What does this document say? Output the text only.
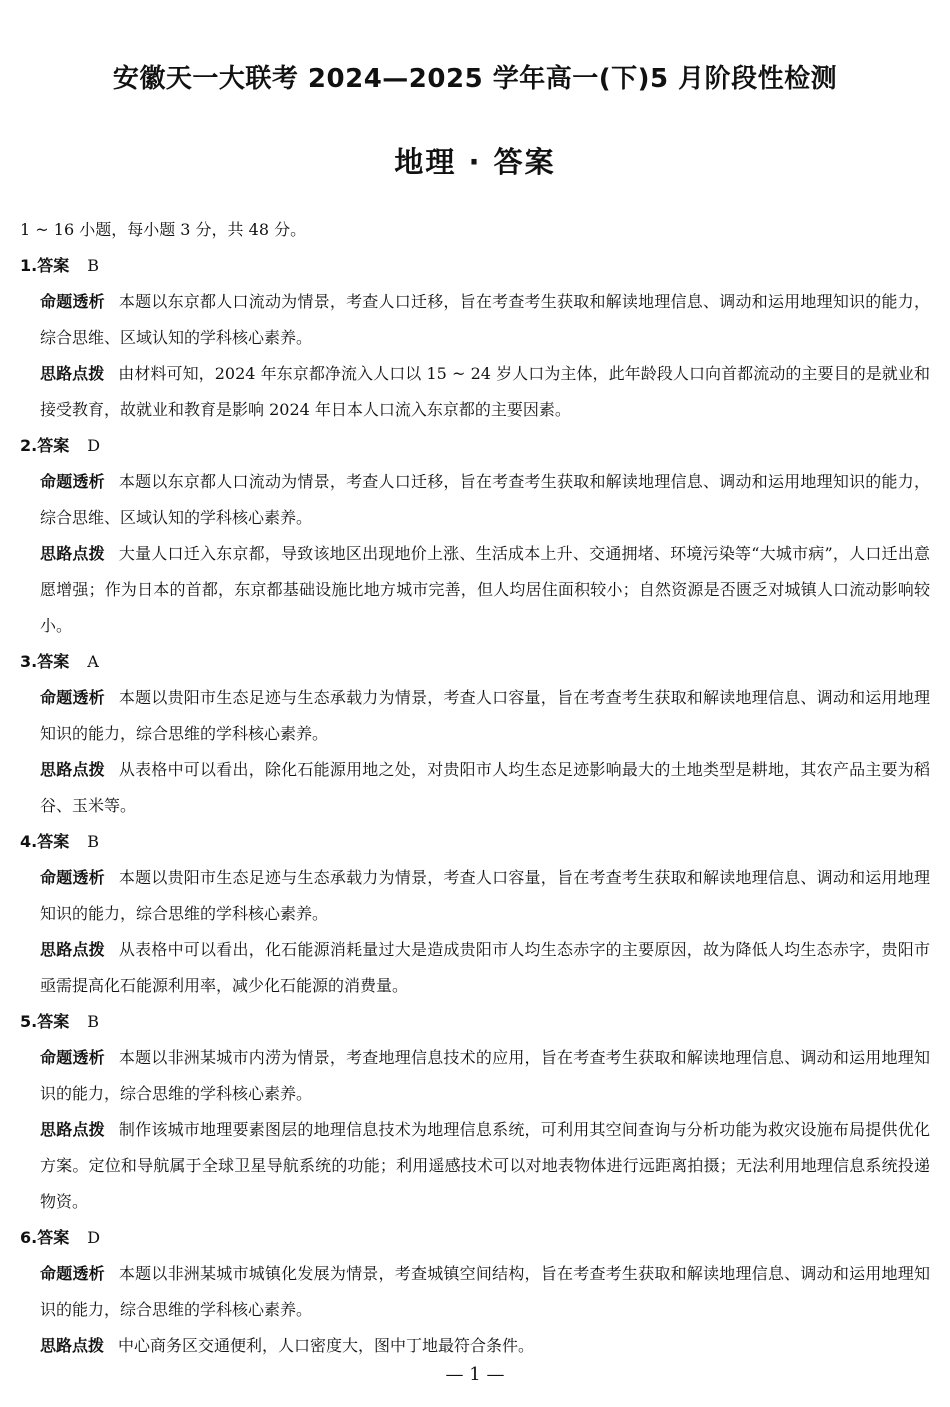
安徽天一大联考 2024—2025 学年高一(下)5 月阶段性检测
地理 · 答案

1 ~ 16 小题，每小题 3 分，共 48 分。

1.答案 B

命题透析 本题以东京都人口流动为情景，考查人口迁移，旨在考查考生获取和解读地理信息、调动和运用地理知识的能力，综合思维、区域认知的学科核心素养。

思路点拨 由材料可知，2024 年东京都净流入人口以 15 ~ 24 岁人口为主体，此年龄段人口向首都流动的主要目的是就业和接受教育，故就业和教育是影响 2024 年日本人口流入东京都的主要因素。

2.答案 D

命题透析 本题以东京都人口流动为情景，考查人口迁移，旨在考查考生获取和解读地理信息、调动和运用地理知识的能力，综合思维、区域认知的学科核心素养。

思路点拨 大量人口迁入东京都，导致该地区出现地价上涨、生活成本上升、交通拥堵、环境污染等“大城市病”，人口迁出意愿增强；作为日本的首都，东京都基础设施比地方城市完善，但人均居住面积较小；自然资源是否匮乏对城镇人口流动影响较小。

3.答案 A

命题透析 本题以贵阳市生态足迹与生态承载力为情景，考查人口容量，旨在考查考生获取和解读地理信息、调动和运用地理知识的能力，综合思维的学科核心素养。

思路点拨 从表格中可以看出，除化石能源用地之处，对贵阳市人均生态足迹影响最大的土地类型是耕地，其农产品主要为稻谷、玉米等。

4.答案 B

命题透析 本题以贵阳市生态足迹与生态承载力为情景，考查人口容量，旨在考查考生获取和解读地理信息、调动和运用地理知识的能力，综合思维的学科核心素养。

思路点拨 从表格中可以看出，化石能源消耗量过大是造成贵阳市人均生态赤字的主要原因，故为降低人均生态赤字，贵阳市亟需提高化石能源利用率，减少化石能源的消费量。

5.答案 B

命题透析 本题以非洲某城市内涝为情景，考查地理信息技术的应用，旨在考查考生获取和解读地理信息、调动和运用地理知识的能力，综合思维的学科核心素养。

思路点拨 制作该城市地理要素图层的地理信息技术为地理信息系统，可利用其空间查询与分析功能为救灾设施布局提供优化方案。定位和导航属于全球卫星导航系统的功能；利用遥感技术可以对地表物体进行远距离拍摄；无法利用地理信息系统投递物资。

6.答案 D

命题透析 本题以非洲某城市城镇化发展为情景，考查城镇空间结构，旨在考查考生获取和解读地理信息、调动和运用地理知识的能力，综合思维的学科核心素养。

思路点拨 中心商务区交通便利，人口密度大，图中丁地最符合条件。

— 1 —
